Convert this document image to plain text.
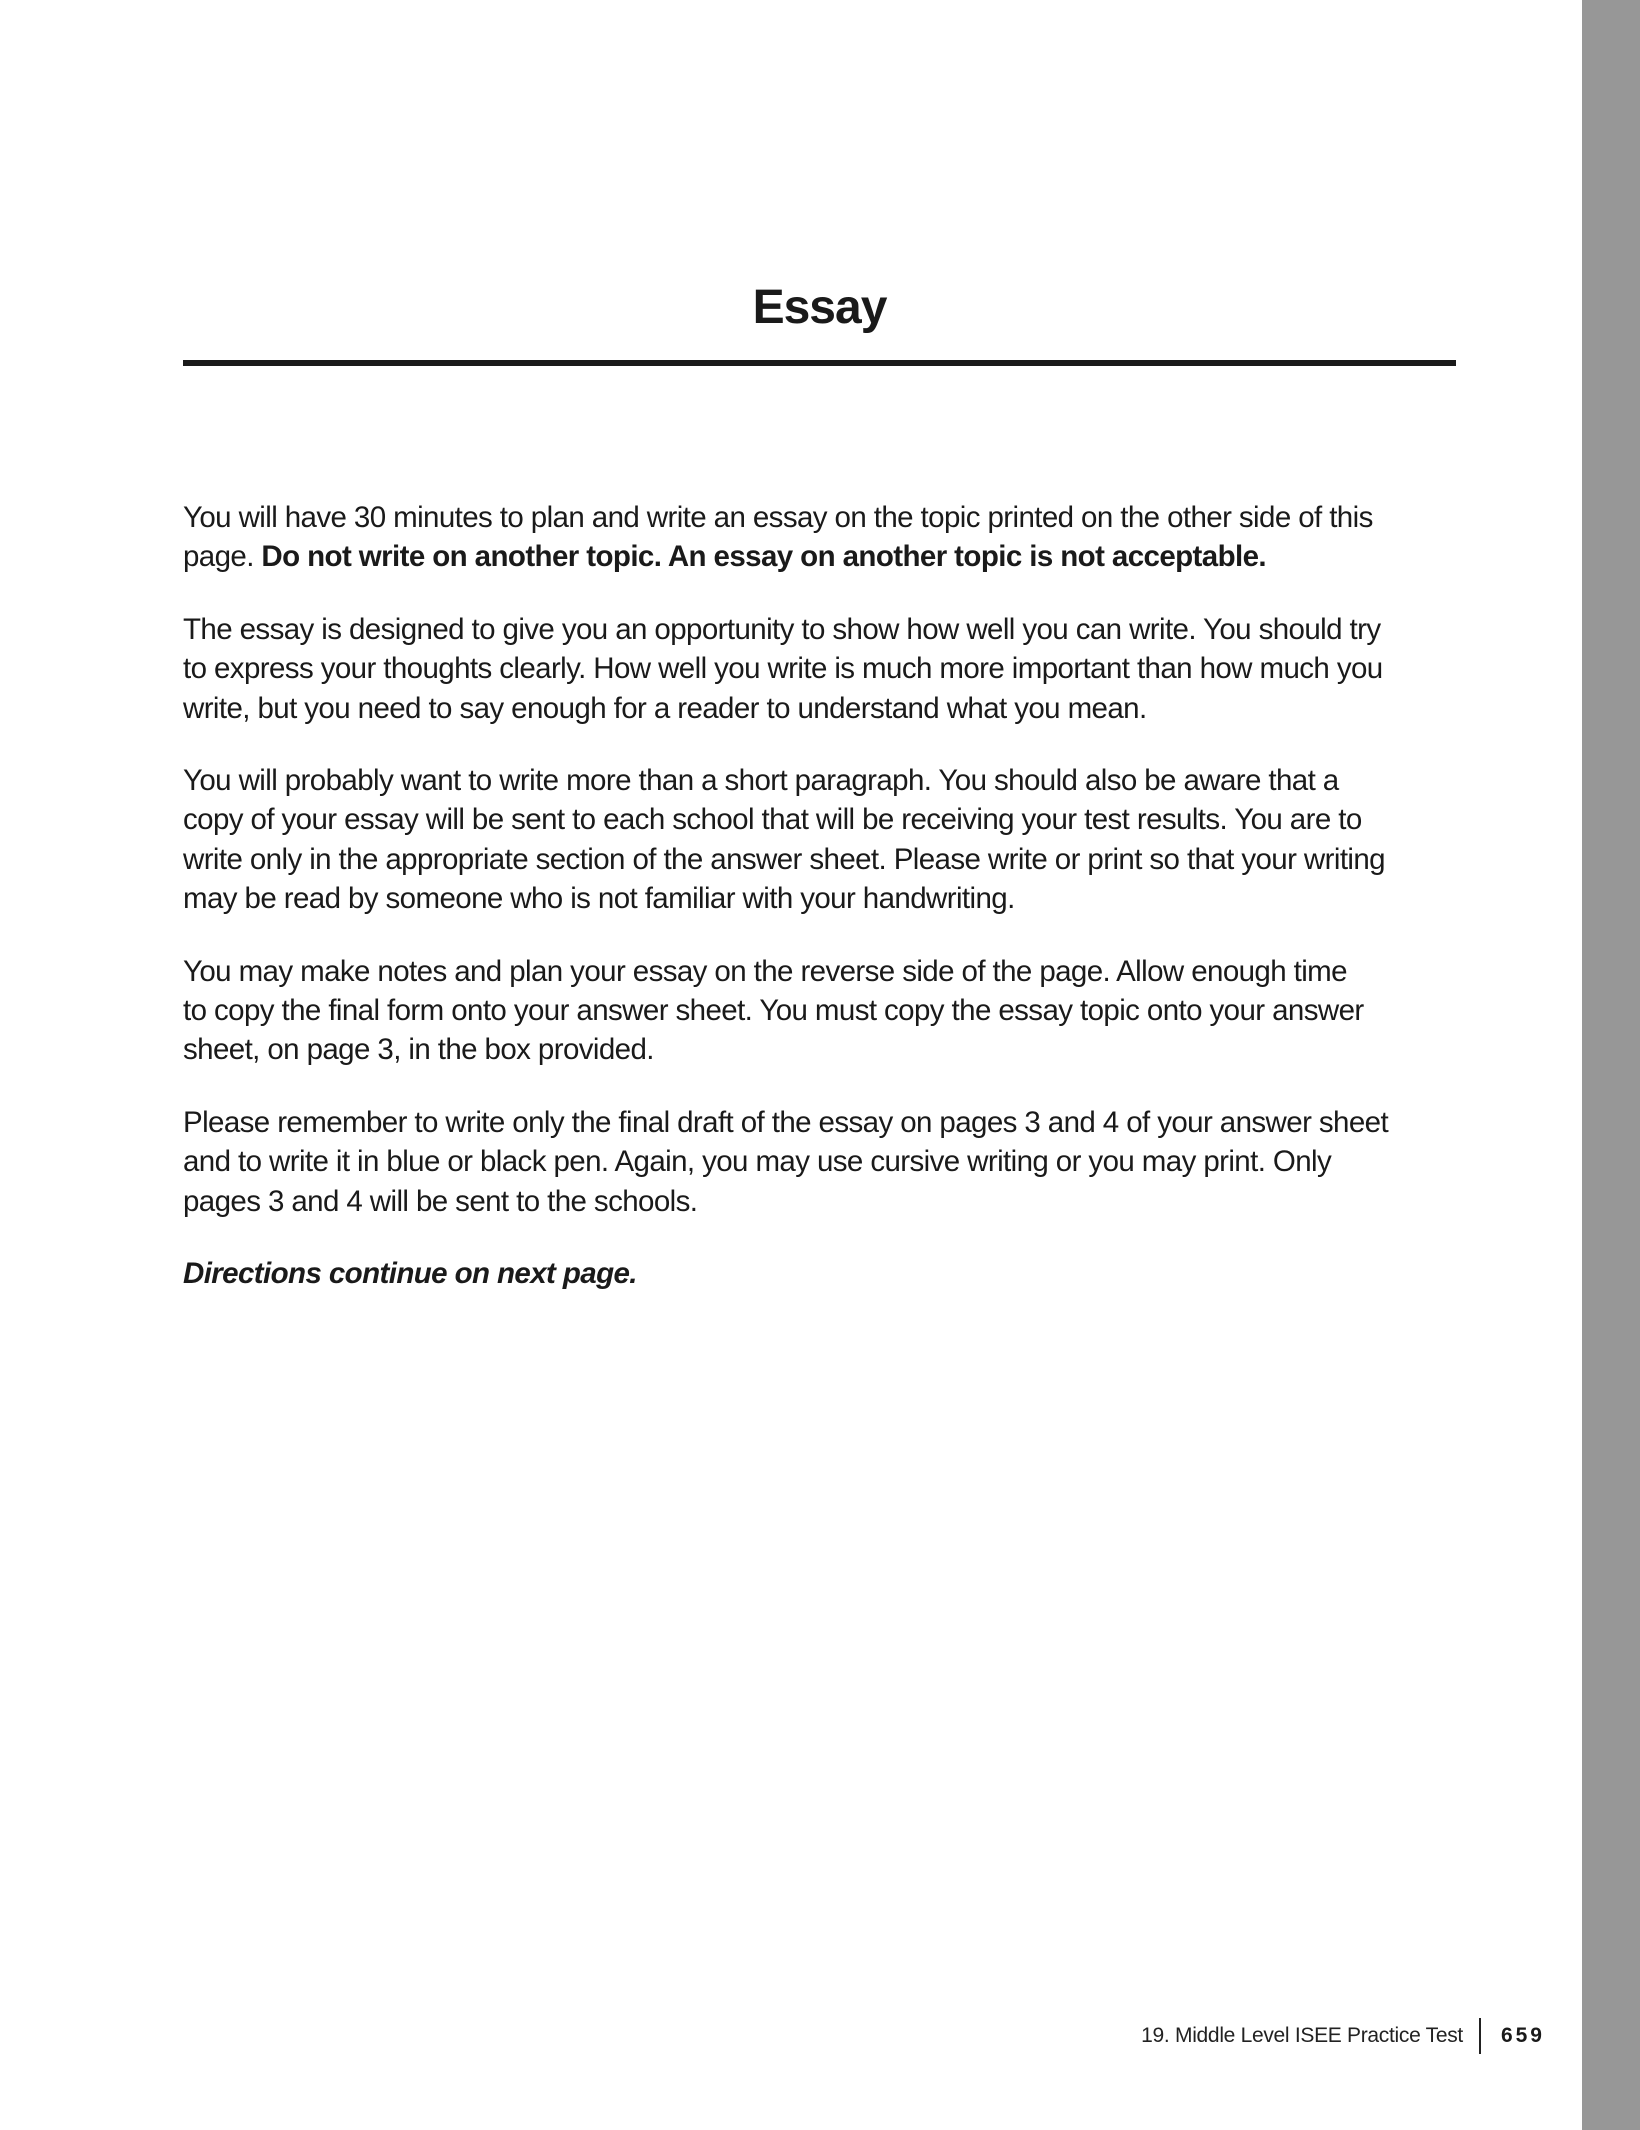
Essay

You will have 30 minutes to plan and write an essay on the topic printed on the other side of this
page. Do not write on another topic. An essay on another topic is not acceptable.

The essay is designed to give you an opportunity to show how well you can write. You should try
to express your thoughts clearly. How well you write is much more important than how much you
write, but you need to say enough for a reader to understand what you mean.

You will probably want to write more than a short paragraph. You should also be aware that a
copy of your essay will be sent to each school that will be receiving your test results. You are to
write only in the appropriate section of the answer sheet. Please write or print so that your writing
may be read by someone who is not familiar with your handwriting.

You may make notes and plan your essay on the reverse side of the page. Allow enough time
to copy the final form onto your answer sheet. You must copy the essay topic onto your answer
sheet, on page 3, in the box provided.

Please remember to write only the final draft of the essay on pages 3 and 4 of your answer sheet
and to write it in blue or black pen. Again, you may use cursive writing or you may print. Only
pages 3 and 4 will be sent to the schools.

Directions continue on next page.

19. Middle Level ISEE Practice Test 659
